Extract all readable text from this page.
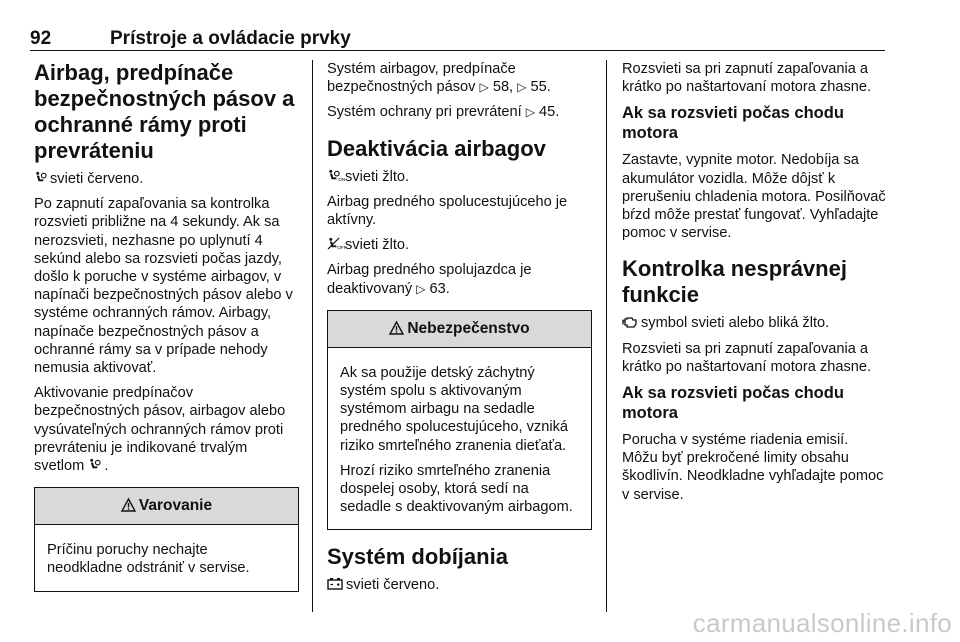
92	Prístroje a ovládacie prvky
Airbag, predpínače bezpečnostných pásov a ochranné rámy proti prevráteniu

svieti červeno.

Po zapnutí zapaľovania sa kontrolka rozsvieti približne na 4 sekundy. Ak sa nerozsvieti, nezhasne po uplynutí 4 sekúnd alebo sa rozsvieti počas jazdy, došlo k poruche v systéme airbagov, v napínači bezpečnostných pásov alebo v systéme ochranných rámov. Airbagy, napínače bezpečnostných pásov a ochranné rámy sa v prípade nehody nemusia aktivovať.

Aktivovanie predpínačov bezpečnostných pásov, airbagov alebo vysúvateľných ochranných rámov proti prevráteniu je indikované trvalým svetlom .

Varovanie

Príčinu poruchy nechajte neodkladne odstrániť v servise.

Systém airbagov, predpínače bezpečnostných pásov ▷ 58, ▷ 55.

Systém ochrany pri prevrátení ▷ 45.

Deaktivácia airbagov

ON svieti žlto.

Airbag predného spolucestujúceho je aktívny.

OFF
svieti žlto.

Airbag predného spolujazdca je deaktivovaný ▷ 63.

Nebezpečenstvo

Ak sa použije detský záchytný systém spolu s aktivovaným systémom airbagu na sedadle predného spolucestujúceho, vzniká riziko smrteľného zranenia dieťaťa.

Hrozí riziko smrteľného zranenia dospelej osoby, ktorá sedí na sedadle s deaktivovaným airbagom.

Systém dobíjania

svieti červeno.

Rozsvieti sa pri zapnutí zapaľovania a krátko po naštartovaní motora zhasne.

Ak sa rozsvieti počas chodu motora

Zastavte, vypnite motor. Nedobíja sa akumulátor vozidla. Môže dôjsť k prerušeniu chladenia motora. Posilňovač bŕzd môže prestať fungovať. Vyhľadajte pomoc v servise.

Kontrolka nesprávnej funkcie

symbol svieti alebo bliká žlto.

Rozsvieti sa pri zapnutí zapaľovania a krátko po naštartovaní motora zhasne.

Ak sa rozsvieti počas chodu motora

Porucha v systéme riadenia emisií. Môžu byť prekročené limity obsahu škodlivín. Neodkladne vyhľadajte pomoc v servise.

carmanualsonline.info
